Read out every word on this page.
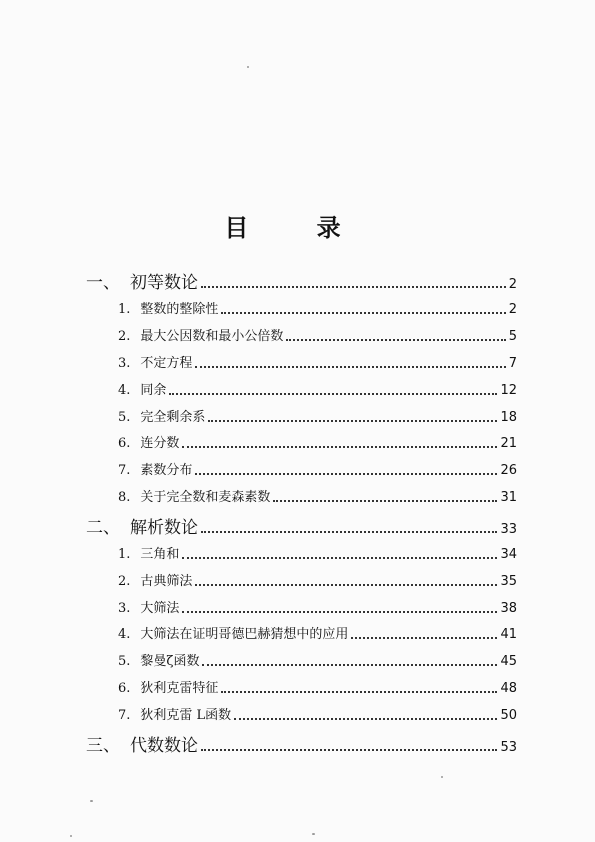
目 录
一、 初等数论	2
1. 整数的整除性	2
2. 最大公因数和最小公倍数	5
3. 不定方程	7
4. 同余	12
5. 完全剩余系	18
6. 连分数	21
7. 素数分布	26
8. 关于完全数和麦森素数	31
二、 解析数论	33
1. 三角和	34
2. 古典筛法	35
3. 大筛法	38
4. 大筛法在证明哥德巴赫猜想中的应用	41
5. 黎曼ζ函数	45
6. 狄利克雷特征	48
7. 狄利克雷 L函数	50
三、 代数数论	53
